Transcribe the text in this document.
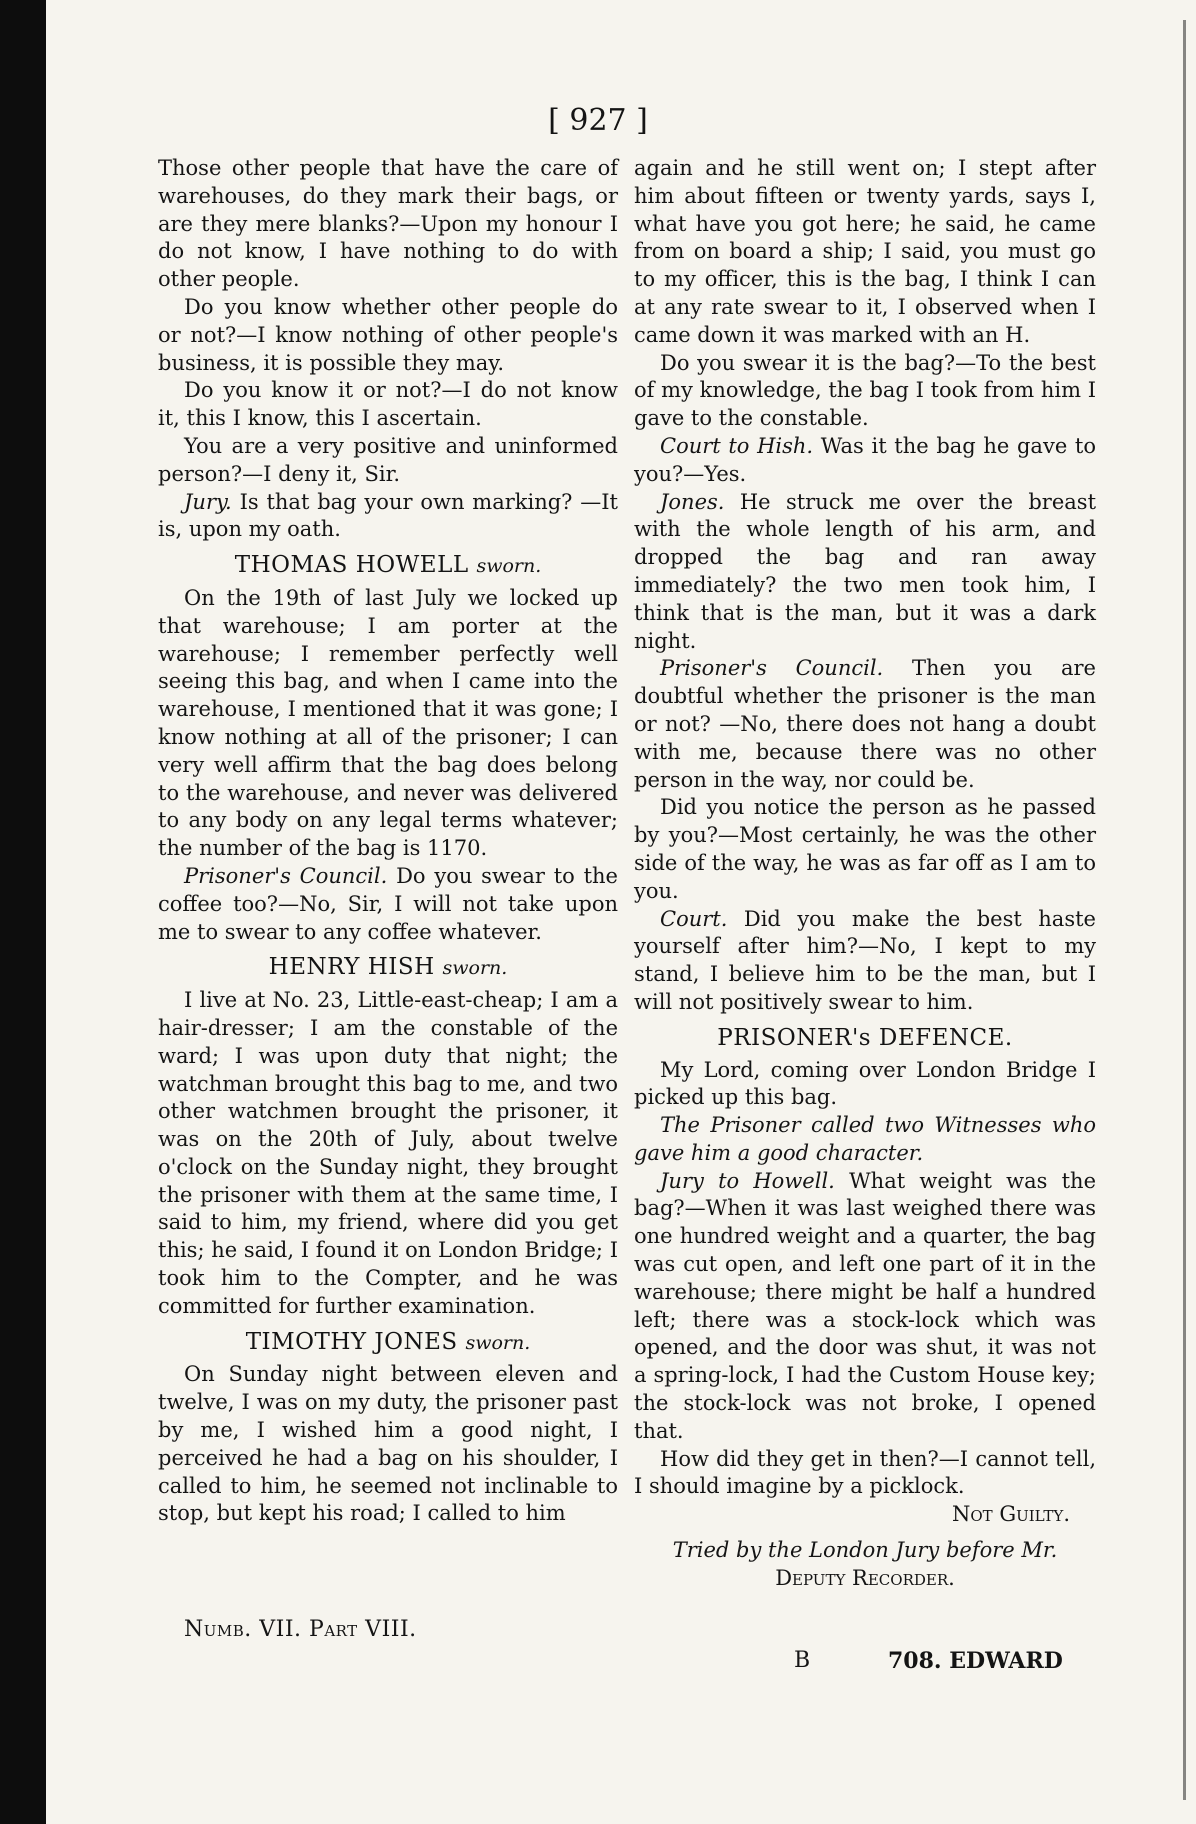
[ 927 ]

Those other people that have the care of warehouses, do they mark their bags, or are they mere blanks?—Upon my honour I do not know, I have nothing to do with other people.

Do you know whether other people do or not?—I know nothing of other people's business, it is possible they may.

Do you know it or not?—I do not know it, this I know, this I ascertain.

You are a very positive and uninformed person?—I deny it, Sir.

Jury. Is that bag your own marking? —It is, upon my oath.

THOMAS HOWELL sworn.

On the 19th of last July we locked up that warehouse; I am porter at the warehouse; I remember perfectly well seeing this bag, and when I came into the warehouse, I mentioned that it was gone; I know nothing at all of the prisoner; I can very well affirm that the bag does belong to the warehouse, and never was delivered to any body on any legal terms whatever; the number of the bag is 1170.

Prisoner's Council. Do you swear to the coffee too?—No, Sir, I will not take upon me to swear to any coffee whatever.

HENRY HISH sworn.

I live at No. 23, Little-east-cheap; I am a hair-dresser; I am the constable of the ward; I was upon duty that night; the watchman brought this bag to me, and two other watchmen brought the prisoner, it was on the 20th of July, about twelve o'clock on the Sunday night, they brought the prisoner with them at the same time, I said to him, my friend, where did you get this; he said, I found it on London Bridge; I took him to the Compter, and he was committed for further examination.

TIMOTHY JONES sworn.

On Sunday night between eleven and twelve, I was on my duty, the prisoner past by me, I wished him a good night, I perceived he had a bag on his shoulder, I called to him, he seemed not inclinable to stop, but kept his road; I called to him

again and he still went on; I stept after him about fifteen or twenty yards, says I, what have you got here; he said, he came from on board a ship; I said, you must go to my officer, this is the bag, I think I can at any rate swear to it, I observed when I came down it was marked with an H.

Do you swear it is the bag?—To the best of my knowledge, the bag I took from him I gave to the constable.

Court to Hish. Was it the bag he gave to you?—Yes.

Jones. He struck me over the breast with the whole length of his arm, and dropped the bag and ran away immediately? the two men took him, I think that is the man, but it was a dark night.

Prisoner's Council. Then you are doubtful whether the prisoner is the man or not? —No, there does not hang a doubt with me, because there was no other person in the way, nor could be.

Did you notice the person as he passed by you?—Most certainly, he was the other side of the way, he was as far off as I am to you.

Court. Did you make the best haste yourself after him?—No, I kept to my stand, I believe him to be the man, but I will not positively swear to him.

PRISONER's DEFENCE.

My Lord, coming over London Bridge I picked up this bag.

The Prisoner called two Witnesses who gave him a good character.

Jury to Howell. What weight was the bag?—When it was last weighed there was one hundred weight and a quarter, the bag was cut open, and left one part of it in the warehouse; there might be half a hundred left; there was a stock-lock which was opened, and the door was shut, it was not a spring-lock, I had the Custom House key; the stock-lock was not broke, I opened that.

How did they get in then?—I cannot tell, I should imagine by a picklock.

Not Guilty.

Tried by the London Jury before Mr.

Deputy Recorder.

Numb. VII. Part VIII.
B	708. EDWARD
